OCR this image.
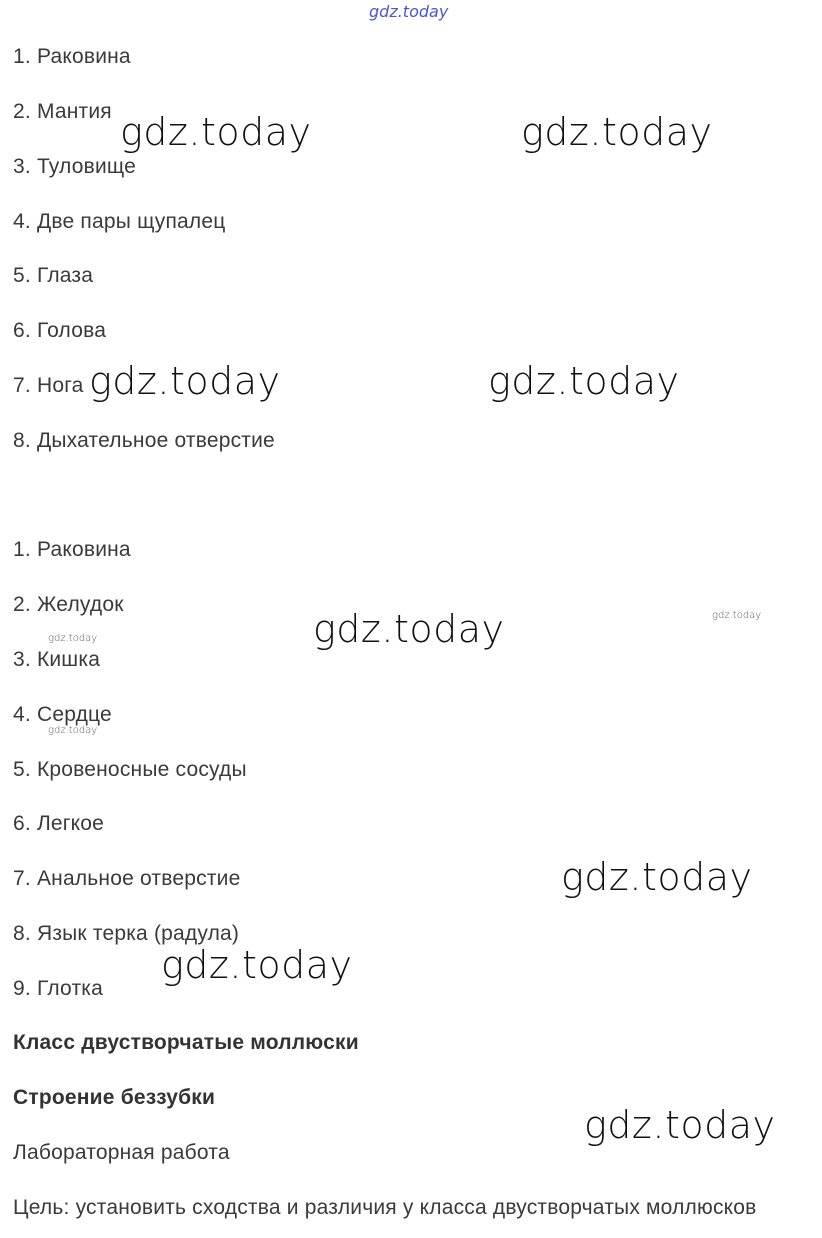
gdz.today
1. Раковина
2. Мантия
3. Туловище
4. Две пары щупалец
5. Глаза
6. Голова
7. Нога
8. Дыхательное отверстие
1. Раковина
2. Желудок
3. Кишка
4. Сердце
5. Кровеносные сосуды
6. Легкое
7. Анальное отверстие
8. Язык терка (радула)
9. Глотка
Класс двустворчатые моллюски
Строение беззубки
Лабораторная работа
Цель: установить сходства и различия у класса двустворчатых моллюсков
gdz.today	gdz.today
gdz.today	gdz.today
gdz.today
gdz.today
gdz.today
gdz.today
gdz.today
gdz.today
gdz.today
